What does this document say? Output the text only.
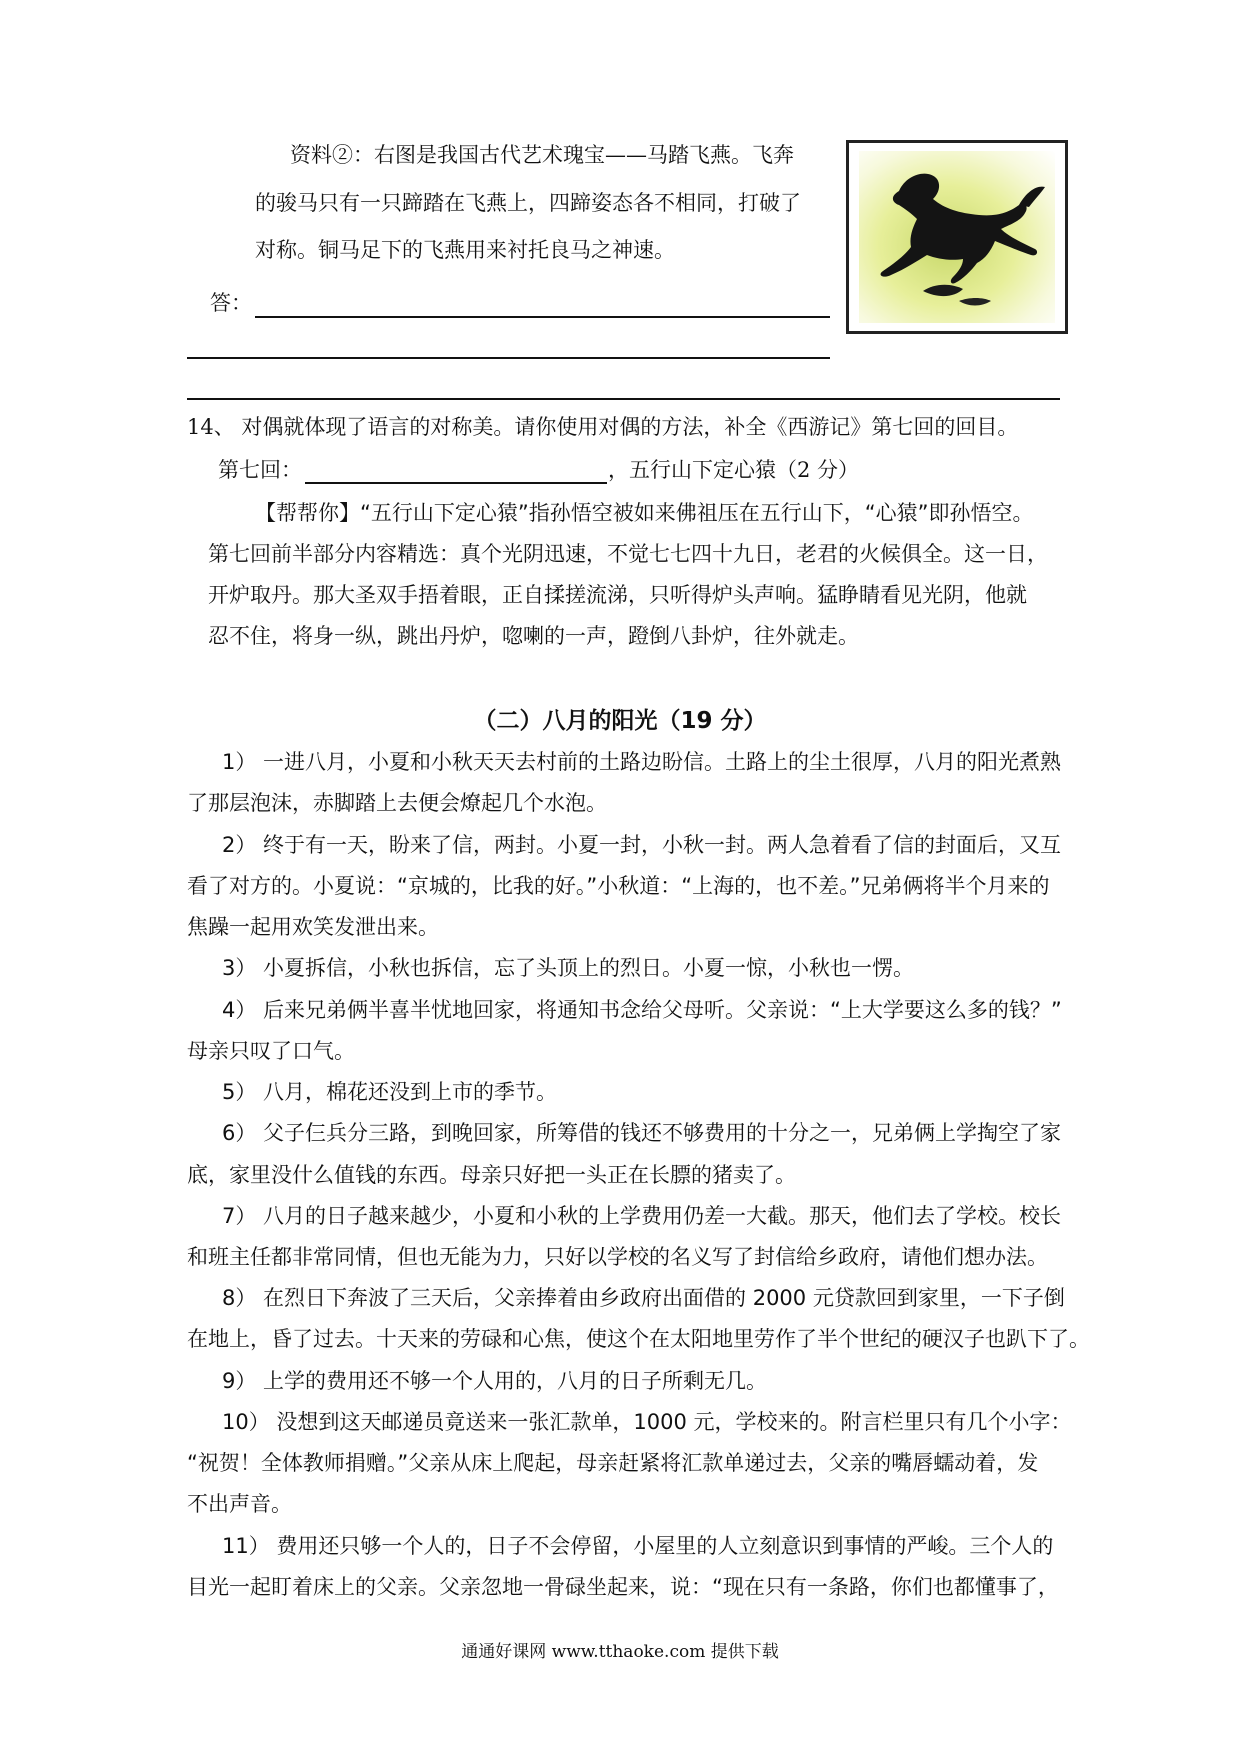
资料②：右图是我国古代艺术瑰宝——马踏飞燕。飞奔
的骏马只有一只蹄踏在飞燕上，四蹄姿态各不相同，打破了
对称。铜马足下的飞燕用来衬托良马之神速。
答：
14、 对偶就体现了语言的对称美。请你使用对偶的方法，补全《西游记》第七回的回目。
第七回：	，五行山下定心猿（2 分）
【帮帮你】“五行山下定心猿”指孙悟空被如来佛祖压在五行山下，“心猿”即孙悟空。
第七回前半部分内容精选：真个光阴迅速，不觉七七四十九日，老君的火候俱全。这一日，
开炉取丹。那大圣双手捂着眼，正自揉搓流涕，只听得炉头声响。猛睁睛看见光阴，他就
忍不住，将身一纵，跳出丹炉，唿喇的一声，蹬倒八卦炉，往外就走。
（二）八月的阳光（19 分）
1） 一进八月，小夏和小秋天天去村前的土路边盼信。土路上的尘土很厚，八月的阳光煮熟
了那层泡沫，赤脚踏上去便会燎起几个水泡。
2） 终于有一天，盼来了信，两封。小夏一封，小秋一封。两人急着看了信的封面后，又互
看了对方的。小夏说：“京城的，比我的好。”小秋道：“上海的，也不差。”兄弟俩将半个月来的
焦躁一起用欢笑发泄出来。
3） 小夏拆信，小秋也拆信，忘了头顶上的烈日。小夏一惊，小秋也一愣。
4） 后来兄弟俩半喜半忧地回家，将通知书念给父母听。父亲说：“上大学要这么多的钱？”
母亲只叹了口气。
5） 八月，棉花还没到上市的季节。
6） 父子仨兵分三路，到晚回家，所筹借的钱还不够费用的十分之一，兄弟俩上学掏空了家
底，家里没什么值钱的东西。母亲只好把一头正在长膘的猪卖了。
7） 八月的日子越来越少，小夏和小秋的上学费用仍差一大截。那天，他们去了学校。校长
和班主任都非常同情，但也无能为力，只好以学校的名义写了封信给乡政府，请他们想办法。
8） 在烈日下奔波了三天后，父亲捧着由乡政府出面借的 2000 元贷款回到家里，一下子倒
在地上，昏了过去。十天来的劳碌和心焦，使这个在太阳地里劳作了半个世纪的硬汉子也趴下了。
9） 上学的费用还不够一个人用的，八月的日子所剩无几。
10） 没想到这天邮递员竟送来一张汇款单，1000 元，学校来的。附言栏里只有几个小字：
“祝贺！全体教师捐赠。”父亲从床上爬起，母亲赶紧将汇款单递过去，父亲的嘴唇蠕动着，发
不出声音。
11） 费用还只够一个人的，日子不会停留，小屋里的人立刻意识到事情的严峻。三个人的
目光一起盯着床上的父亲。父亲忽地一骨碌坐起来，说：“现在只有一条路，你们也都懂事了，
通通好课网 www.tthaoke.com 提供下载
